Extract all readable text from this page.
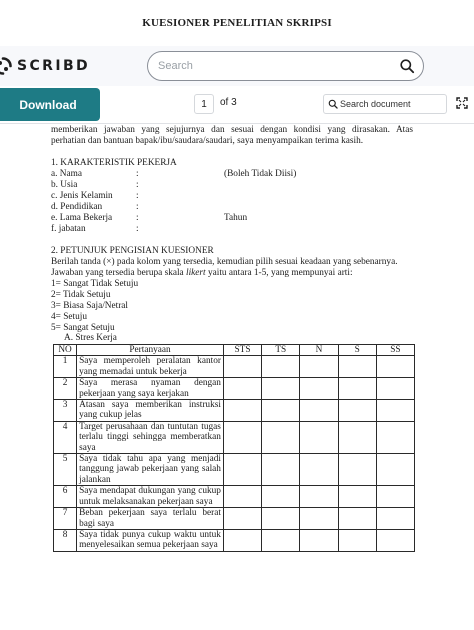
KUESIONER PENELITIAN SKRIPSI
SCRIBD
Search
Download	1	of 3
Search document
memberikan jawaban yang sejujurnya dan sesuai dengan kondisi yang dirasakan. Atas
perhatian dan bantuan bapak/ibu/saudara/saudari, saya menyampaikan terima kasih.
1. KARAKTERISTIK PEKERJA
a. Nama	:	(Boleh Tidak Diisi)
b. Usia	:
c. Jenis Kelamin	:
d. Pendidikan	:
e. Lama Bekerja	:	Tahun
f. jabatan	:
2. PETUNJUK PENGISIAN KUESIONER
Berilah tanda (×) pada kolom yang tersedia, kemudian pilih sesuai keadaan yang sebenarnya.
Jawaban yang tersedia berupa skala likert yaitu antara 1-5, yang mempunyai arti:
1= Sangat Tidak Setuju
2= Tidak Setuju
3= Biasa Saja/Netral
4= Setuju
5= Sangat Setuju
A. Stres Kerja
NO	Pertanyaan	STS	TS	N	S	SS
1	Saya memperoleh peralatan kantor yang memadai untuk bekerja					
2	Saya merasa nyaman dengan pekerjaan yang saya kerjakan					
3	Atasan saya memberikan instruksi yang cukup jelas					
4	Target perusahaan dan tuntutan tugas terlalu tinggi sehingga memberatkan saya					
5	Saya tidak tahu apa yang menjadi tanggung jawab pekerjaan yang salah jalankan					
6	Saya mendapat dukungan yang cukup untuk melaksanakan pekerjaan saya					
7	Beban pekerjaan saya terlalu berat bagi saya					
8	Saya tidak punya cukup waktu untuk menyelesaikan semua pekerjaan saya					
